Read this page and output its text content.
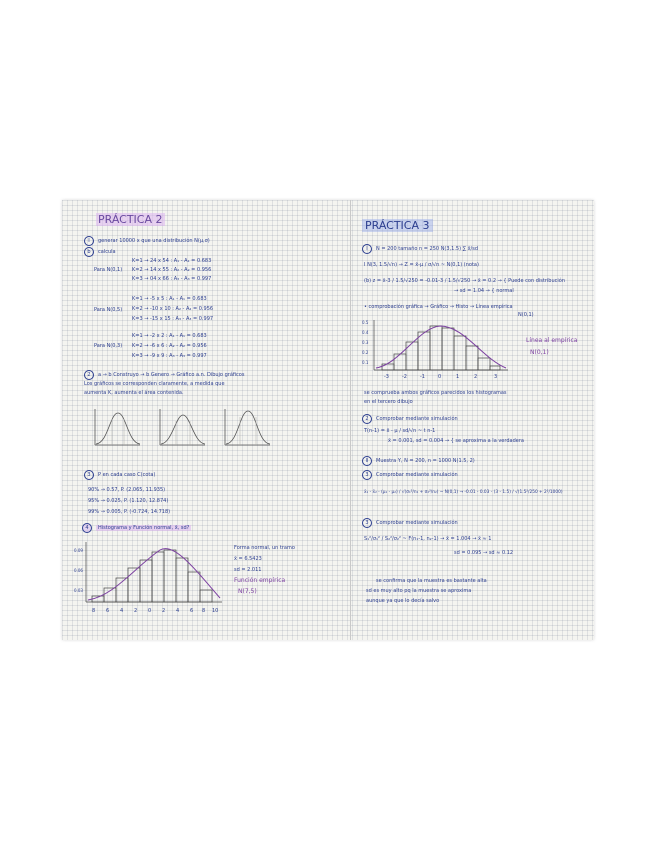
PRÁCTICA 2
I	generar 10000 x que una distribución N(μ,σ)
b	calcula
Para N(0,1)
K=1 → 24 x 54 : A₁ - A₁ = 0.683
K=2 → 14 x 55 : A₂ - A₂ = 0.956
K=3 → 04 x 66 : A₃ - A₃ = 0.997
Para N(0,5)
K=1 → -5 x 5 : A₁ - A₁ = 0.683
K=2 → -10 x 10 : A₂ - A₂ = 0.956
K=3 → -15 x 15 : A₃ - A₃ = 0.997
Para N(0,3)
K=1 → -2 x 2 : A₁ - A₁ = 0.683
K=2 → -6 x 6 : A₂ - A₂ = 0.956
K=3 → -9 x 9 : A₃ - A₃ = 0.997
2	a → b Construyo → b Genero → Gráfico a.n. Dibujo gráficos
Los gráficos se corresponden claramente, a medida que
aumenta K, aumenta el área contenida.
3	P en cada caso C(cota)
90% → 0.57, P. (2.065, 11.935)
95% → 0.025, P. (1.120, 12.874)
99% → 0.005, P. (-0.724, 14.718)
4	Histograma y Función normal, x̄, sd?
0.09
0.06
0.03
8 6 4 2 0 2 4 6 8 10
Forma normal, un tramo
x̄ = 6.5423
sd = 2.011
Función empírica
N(7,5)
PRÁCTICA 3
I	N = 200 tamaño n = 250 N(3,1.5) ∑ x̄/sd
I N(3, 1.5/√n) → Z = x̄-μ / σ/√n ~ N(0,1) (nota)
(b) z = x̄-3 / 1.5/√250 = -0.01-3 / 1.5/√250 → x̄ = 0.2 → { Puede con distribución
→ sd = 1.04 → { normal
• comprobación gráfica → Gráfico → Histo → Línea empírica
N(0,1)
0.5
0.4
0.3
0.2
0.1
-3	-2	-1	0	1	2	3
Línea al empírica
N(0,1)
se comprueba ambos gráficos parecidos los histogramas
en el tercero dibujo
2	Comprobar mediante simulación
T(n-1) = x̄ - μ / sd/√n ~ t n-1
x̄ = 0.001, sd = 0.004 → { se aproxima a la verdadera
II	Muestra Y, N = 200, n = 1000 N(1.5, 2)
3	Comprobar mediante simulación
x̄₁ - x̄₂ - (μ₁ - μ₂) / √(σ₁²/n₁ + σ₂²/n₂) ~ N(0,1) → -0.01 - 0.03 - (3 - 1.5) / √(1.5²/250 + 2²/1000)
3	Comprobar mediante simulación
S₁²/σ₁² / S₂²/σ₂² ~ F(n₁-1, n₂-1) → x̄ = 1.004 → x̄ ≈ 1
sd = 0.095 → sd ≈ 0.12
se confirma que la muestra es bastante alta
sd es muy alto pq la muestra se aproxima
aunque ya que lo decía salvo
